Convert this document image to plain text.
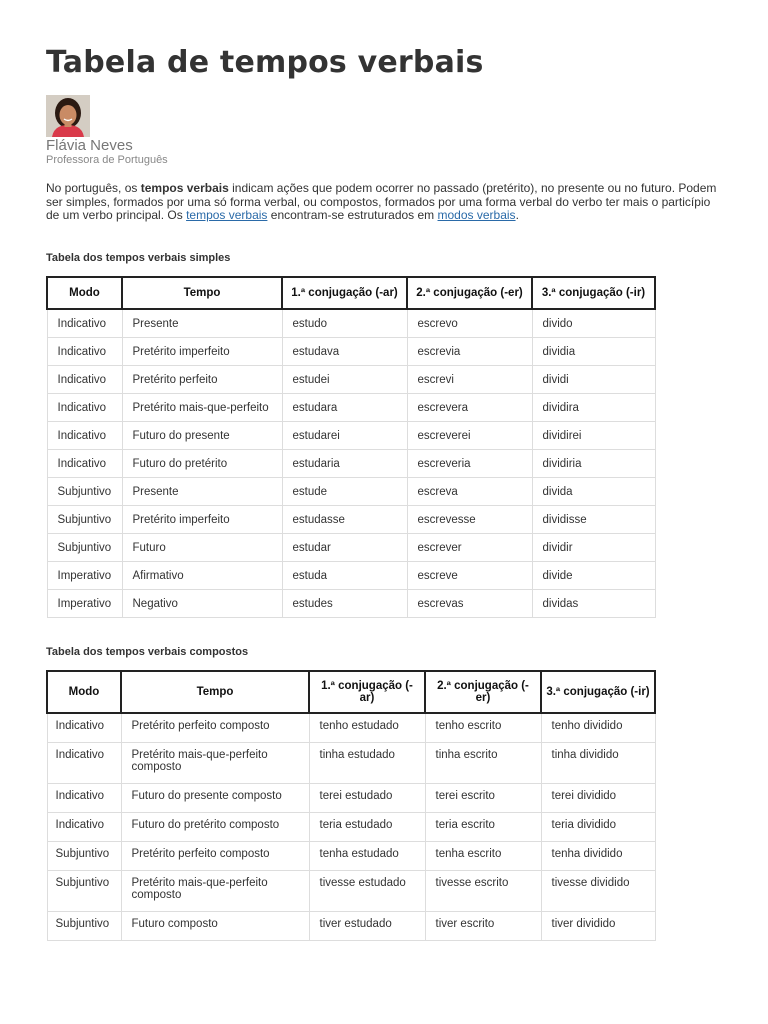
Tabela de tempos verbais
Flávia Neves
Professora de Português

No português, os tempos verbais indicam ações que podem ocorrer no passado (pretérito), no presente ou no futuro. Podem ser simples, formados por uma só forma verbal, ou compostos, formados por uma forma verbal do verbo ter mais o particípio de um verbo principal. Os tempos verbais encontram-se estruturados em modos verbais.

Tabela dos tempos verbais simples
Modo	Tempo	1.ª conjugação (-ar)	2.ª conjugação (-er)	3.ª conjugação (-ir)
Indicativo	Presente	estudo	escrevo	divido
Indicativo	Pretérito imperfeito	estudava	escrevia	dividia
Indicativo	Pretérito perfeito	estudei	escrevi	dividi
Indicativo	Pretérito mais-que-perfeito	estudara	escrevera	dividira
Indicativo	Futuro do presente	estudarei	escreverei	dividirei
Indicativo	Futuro do pretérito	estudaria	escreveria	dividiria
Subjuntivo	Presente	estude	escreva	divida
Subjuntivo	Pretérito imperfeito	estudasse	escrevesse	dividisse
Subjuntivo	Futuro	estudar	escrever	dividir
Imperativo	Afirmativo	estuda	escreve	divide
Imperativo	Negativo	estudes	escrevas	dividas
Tabela dos tempos verbais compostos
Modo	Tempo	1.ª conjugação (-ar)	2.ª conjugação (-er)	3.ª conjugação (-ir)
Indicativo	Pretérito perfeito composto	tenho estudado	tenho escrito	tenho dividido
Indicativo	Pretérito mais-que-perfeito composto	tinha estudado	tinha escrito	tinha dividido
Indicativo	Futuro do presente composto	terei estudado	terei escrito	terei dividido
Indicativo	Futuro do pretérito composto	teria estudado	teria escrito	teria dividido
Subjuntivo	Pretérito perfeito composto	tenha estudado	tenha escrito	tenha dividido
Subjuntivo	Pretérito mais-que-perfeito composto	tivesse estudado	tivesse escrito	tivesse dividido
Subjuntivo	Futuro composto	tiver estudado	tiver escrito	tiver dividido
